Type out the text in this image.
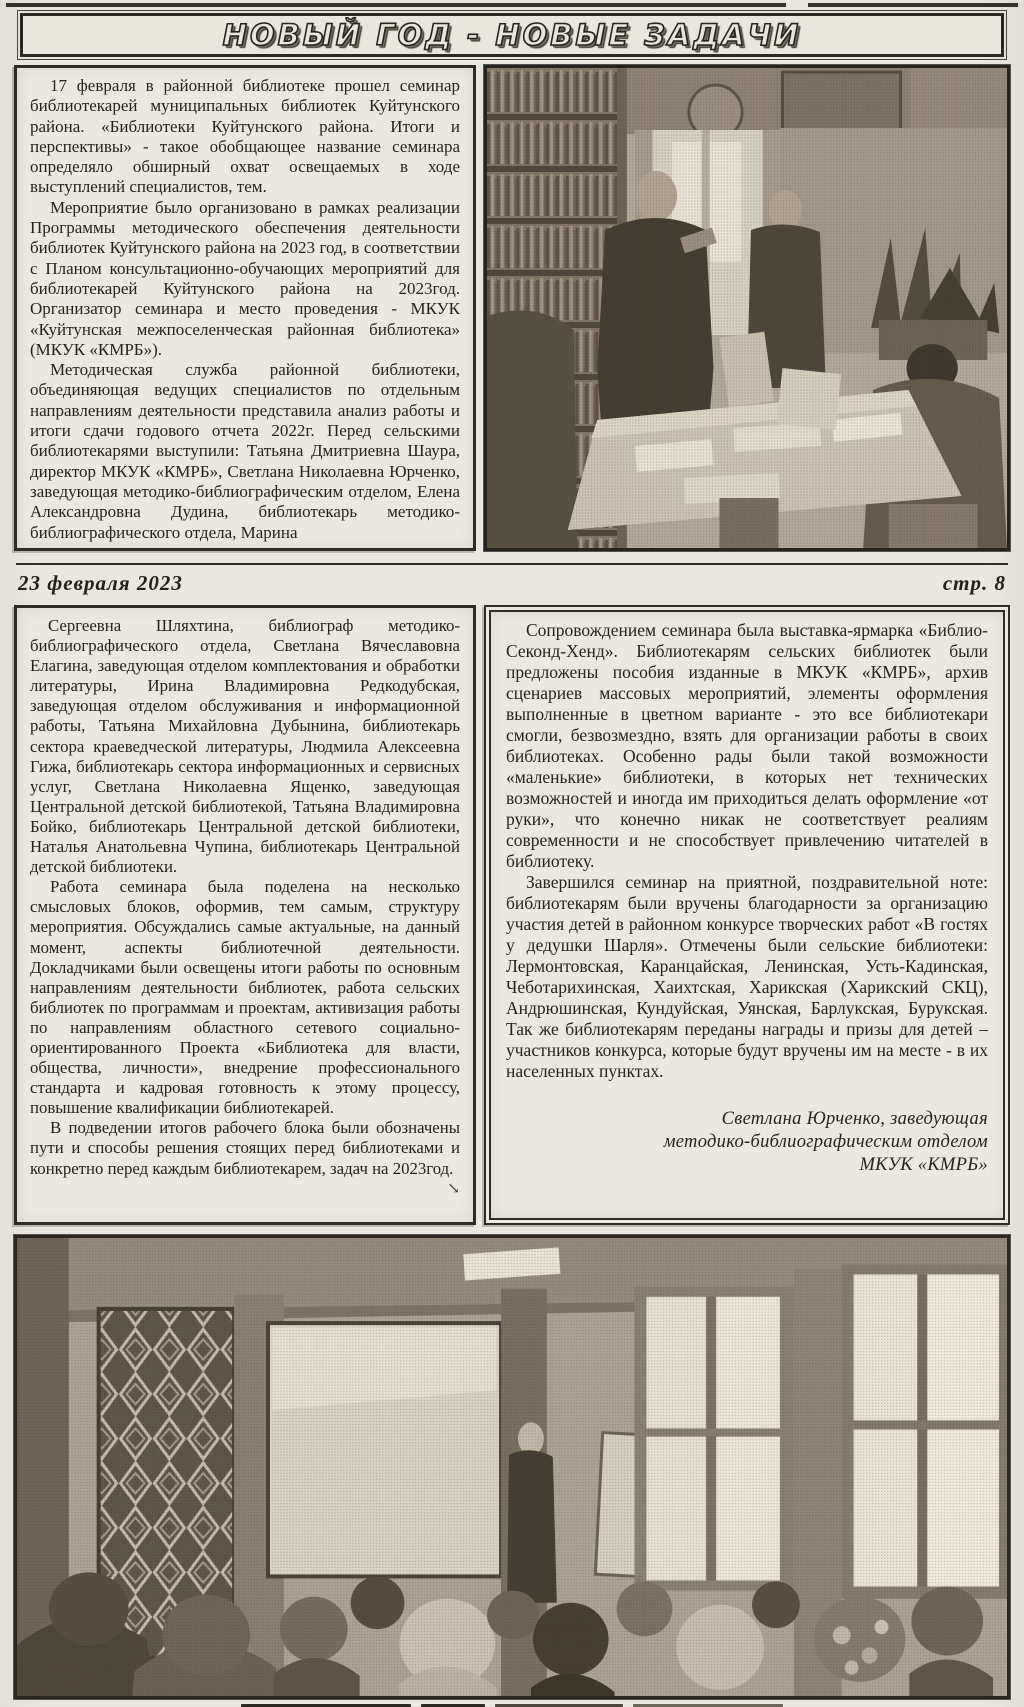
НОВЫЙ ГОД - НОВЫЕ ЗАДАЧИ

17 февраля в районной библиотеке прошел семинар библиотекарей муниципальных библиотек Куйтунского района. «Библиотеки Куйтунского района. Итоги и перспективы» - такое обобщающее название семинара определяло обширный охват освещаемых в ходе выступлений специалистов, тем.

Мероприятие было организовано в рамках реализации Программы методического обеспечения деятельности библиотек Куйтунского района на 2023 год, в соответствии с Планом консультационно-обучающих мероприятий для библиотекарей Куйтунского района на 2023год. Организатор семинара и место проведения - МКУК «Куйтунская межпоселенческая районная библиотека» (МКУК «КМРБ»).

Методическая служба районной библиотеки, объединяющая ведущих специалистов по отдельным направлениям деятельности представила анализ работы и итоги сдачи годового отчета 2022г. Перед сельскими библиотекарями выступили: Татьяна Дмитриевна Шаура, директор МКУК «КМРБ», Светлана Николаевна Юрченко, заведующая методико-библиографическим отделом, Елена Александровна Дудина, библиотекарь методико-библиографического отдела, Марина

23 февраля 2023	стр. 8

Сергеевна Шляхтина, библиограф методико-библиографического отдела, Светлана Вячеславовна Елагина, заведующая отделом комплектования и обработки литературы, Ирина Владимировна Редкодубская, заведующая отделом обслуживания и информационной работы, Татьяна Михайловна Дубынина, библиотекарь сектора краеведческой литературы, Людмила Алексеевна Гижа, библиотекарь сектора информационных и сервисных услуг, Светлана Николаевна Ященко, заведующая Центральной детской библиотекой, Татьяна Владимировна Бойко, библиотекарь Центральной детской библиотеки, Наталья Анатольевна Чупина, библиотекарь Центральной детской библиотеки.

Работа семинара была поделена на несколько смысловых блоков, оформив, тем самым, структуру мероприятия. Обсуждались самые актуальные, на данный момент, аспекты библиотечной деятельности. Докладчиками были освещены итоги работы по основным направлениям деятельности библиотек, работа сельских библиотек по программам и проектам, активизация работы по направлениям областного сетевого социально-ориентированного Проекта «Библиотека для власти, общества, личности», внедрение профессионального стандарта и кадровая готовность к этому процессу, повышение квалификации библиотекарей.

В подведении итогов рабочего блока были обозначены пути и способы решения стоящих перед библиотеками и конкретно перед каждым библиотекарем, задач на 2023год.
↘

Сопровождением семинара была выставка-ярмарка «Библио-Секонд-Хенд». Библиотекарям сельских библиотек были предложены пособия изданные в МКУК «КМРБ», архив сценариев массовых мероприятий, элементы оформления выполненные в цветном варианте - это все библиотекари смогли, безвозмездно, взять для организации работы в своих библиотеках. Особенно рады были такой возможности «маленькие» библиотеки, в которых нет технических возможностей и иногда им приходиться делать оформление «от руки», что конечно никак не соответствует реалиям современности и не способствует привлечению читателей в библиотеку.

Завершился семинар на приятной, поздравительной ноте: библиотекарям были вручены благодарности за организацию участия детей в районном конкурсе творческих работ «В гостях у дедушки Шарля». Отмечены были сельские библиотеки: Лермонтовская, Каранцайская, Ленинская, Усть-Кадинская, Чеботарихинская, Хаихтская, Харикская (Харикский СКЦ), Андрюшинская, Кундуйская, Уянская, Барлукская, Бурукская. Так же библиотекарям переданы награды и призы для детей – участников конкурса, которые будут вручены им на месте - в их населенных пунктах.

Светлана Юрченко, заведующая
методико-библиографическим отделом
МКУК «КМРБ»
